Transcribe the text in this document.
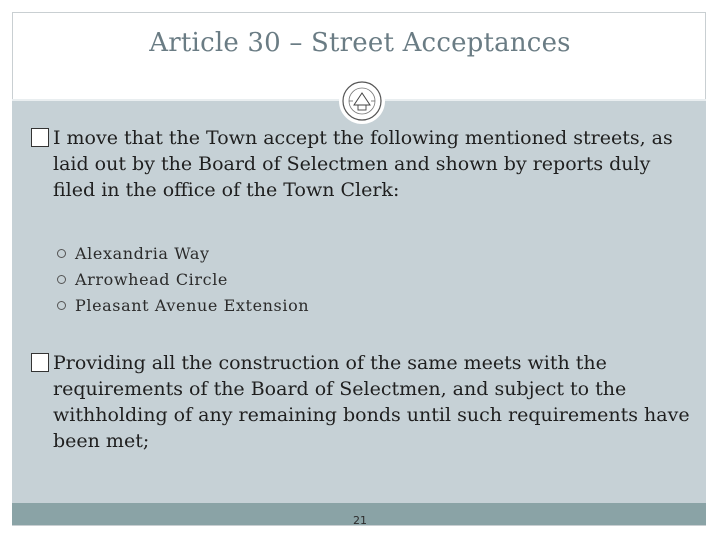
Article 30 – Street Acceptances
I move that the Town accept the following mentioned streets, as laid out by the Board of Selectmen and shown by reports duly filed in the office of the Town Clerk:
Alexandria Way
Arrowhead Circle
Pleasant Avenue Extension
Providing all the construction of the same meets with the requirements of the Board of Selectmen, and subject to the withholding of any remaining bonds until such requirements have been met;
21
